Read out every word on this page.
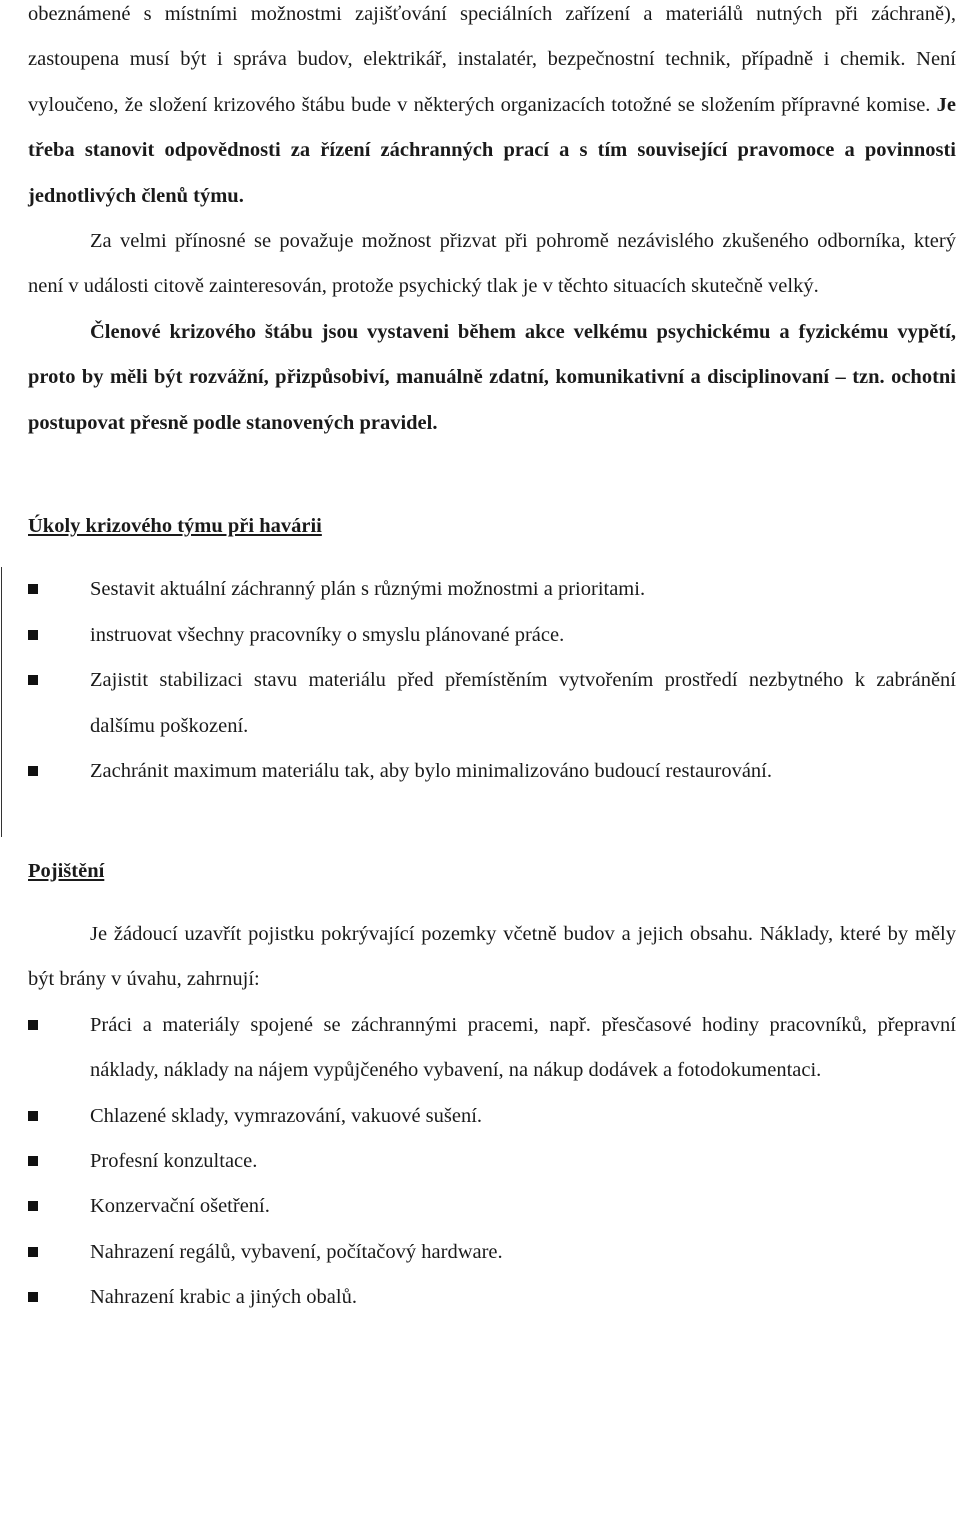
obeznámené s místními možnostmi zajišťování speciálních zařízení a materiálů nutných při záchraně), zastoupena musí být i správa budov, elektrikář, instalatér, bezpečnostní technik, případně i chemik. Není vyloučeno, že složení krizového štábu bude v některých organizacích totožné se složením přípravné komise. Je třeba stanovit odpovědnosti za řízení záchranných prací a s tím související pravomoce a povinnosti jednotlivých členů týmu.

Za velmi přínosné se považuje možnost přizvat při pohromě nezávislého zkušeného odborníka, který není v události citově zainteresován, protože psychický tlak je v těchto situacích skutečně velký.

Členové krizového štábu jsou vystaveni během akce velkému psychickému a fyzickému vypětí, proto by měli být rozvážní, přizpůsobiví, manuálně zdatní, komunikativní a disciplinovaní – tzn. ochotni postupovat přesně podle stanovených pravidel.

Úkoly krizového týmu při havárii
Sestavit aktuální záchranný plán s různými možnostmi a prioritami.
instruovat všechny pracovníky o smyslu plánované práce.
Zajistit stabilizaci stavu materiálu před přemístěním vytvořením prostředí nezbytného k zabránění dalšímu poškození.
Zachránit maximum materiálu tak, aby bylo minimalizováno budoucí restaurování.
Pojištění

Je žádoucí uzavřít pojistku pokrývající pozemky včetně budov a jejich obsahu. Náklady, které by měly být brány v úvahu, zahrnují:

Práci a materiály spojené se záchrannými pracemi, např. přesčasové hodiny pracovníků, přepravní náklady, náklady na nájem vypůjčeného vybavení, na nákup dodávek a fotodokumentaci.
Chlazené sklady, vymrazování, vakuové sušení.
Profesní konzultace.
Konzervační ošetření.
Nahrazení regálů, vybavení, počítačový hardware.
Nahrazení krabic a jiných obalů.
